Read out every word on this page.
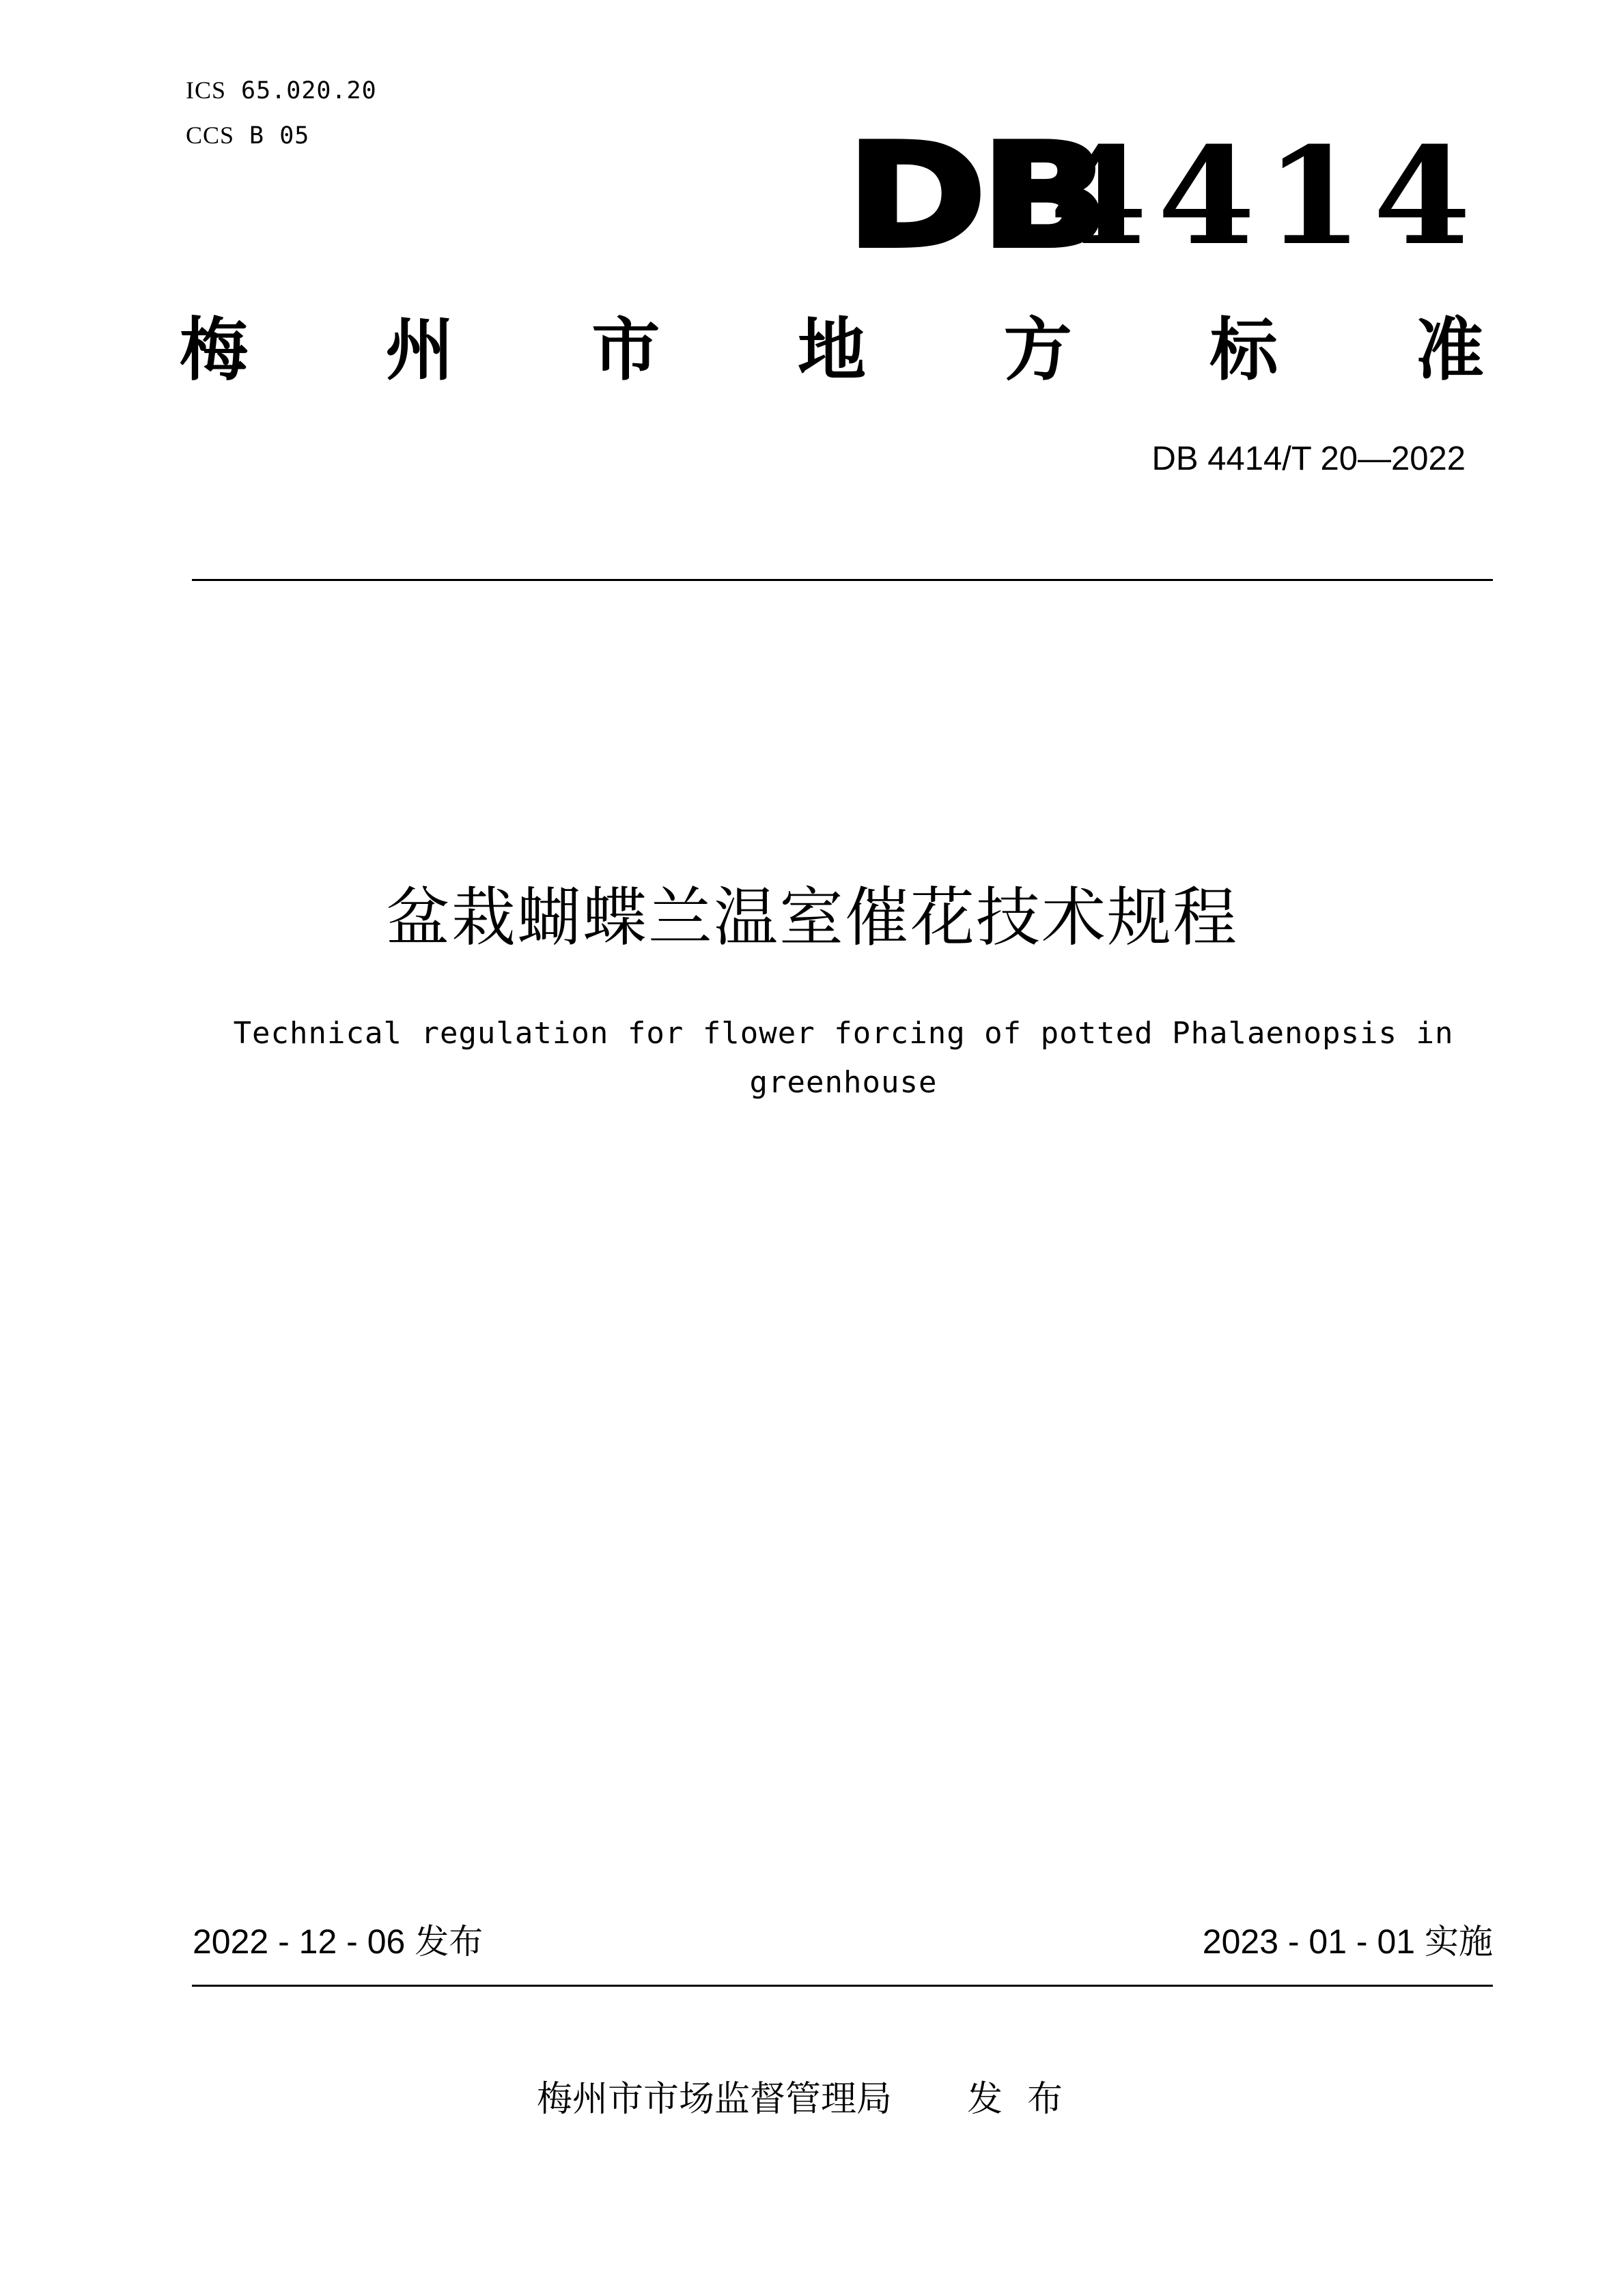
ICS 65.020.20
CCS B 05	DB
4414
梅 州 市 地 方 标 准
DB 4414/T 20—2022
盆栽蝴蝶兰温室催花技术规程
Technical regulation for flower forcing of potted Phalaenopsis in
greenhouse
2022 - 12 - 06 发布	2023 - 01 - 01 实施
梅州市市场监督管理局 发布
